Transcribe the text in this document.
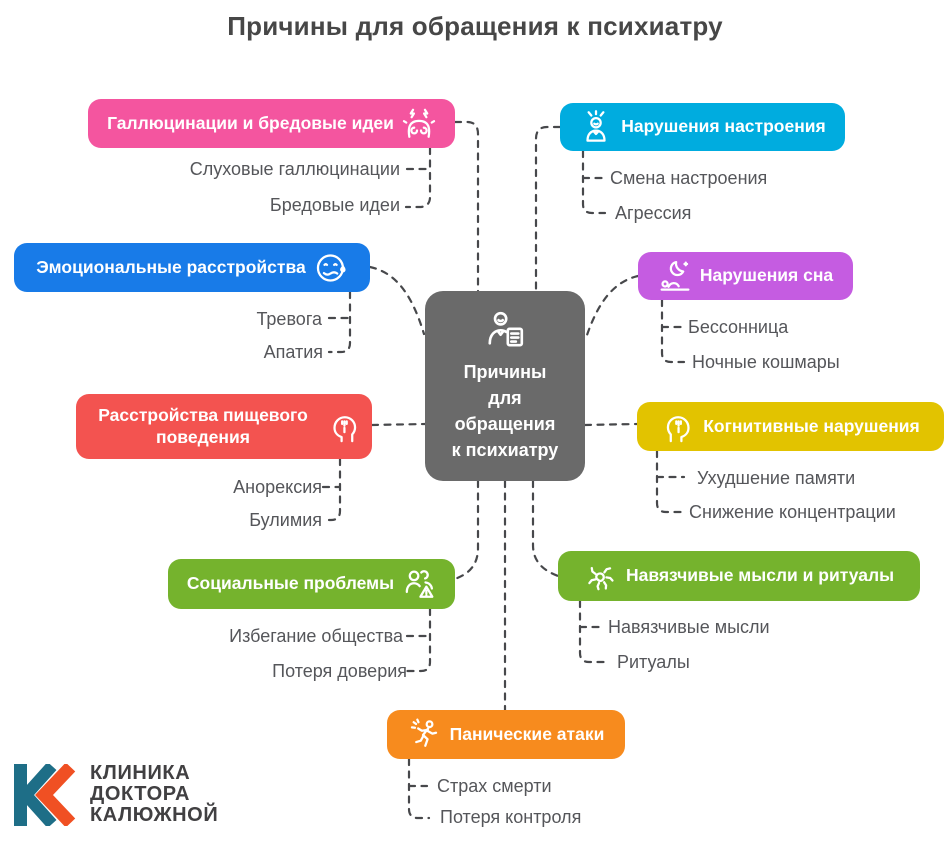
Причины для обращения к психиатру
Причины
для
обращения
к психиатру
Галлюцинации и бредовые идеи
Слуховые галлюцинации
Бредовые идеи
Нарушения настроения
Смена настроения
Агрессия
Эмоциональные расстройства
Тревога
Апатия
Нарушения сна
Бессонница
Ночные кошмары
Расстройства пищевого поведения
Анорексия
Булимия
Когнитивные нарушения
Ухудшение памяти
Снижение концентрации
Социальные проблемы
Избегание общества
Потеря доверия
Навязчивые мысли и ритуалы
Навязчивые мысли
Ритуалы
Панические атаки
Страх смерти
Потеря контроля
КЛИНИКА
ДОКТОРА
КАЛЮЖНОЙ
